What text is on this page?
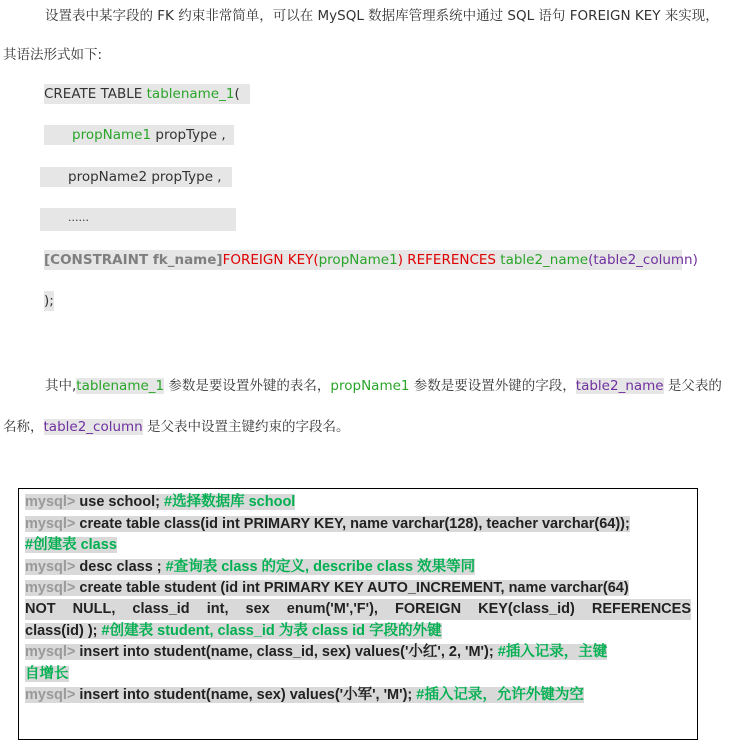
设置表中某字段的 FK 约束非常简单，可以在 MySQL 数据库管理系统中通过 SQL 语句 FOREIGN KEY 来实现，
其语法形式如下:
CREATE TABLE tablename_1(
propName1 propType ,
propName2 propType ,
......
[CONSTRAINT fk_name]FOREIGN KEY(propName1) REFERENCES table2_name(table2_column)
);
其中,tablename_1 参数是要设置外键的表名，propName1 参数是要设置外键的字段，table2_name 是父表的
名称，table2_column 是父表中设置主键约束的字段名。
mysql> use school; #选择数据库 school
mysql> create table class(id int PRIMARY KEY, name varchar(128), teacher varchar(64));
#创建表 class
mysql> desc class ; #查询表 class 的定义, describe class 效果等同
mysql> create table student (id int PRIMARY KEY AUTO_INCREMENT, name varchar(64)
NOT NULL, class_id int, sex enum('M','F'), FOREIGN KEY(class_id) REFERENCES
class(id) ); #创建表 student, class_id 为表 class id 字段的外键
mysql> insert into student(name, class_id, sex) values('小红', 2, 'M'); #插入记录，主键
自增长
mysql> insert into student(name, sex) values('小军', 'M'); #插入记录，允许外键为空
